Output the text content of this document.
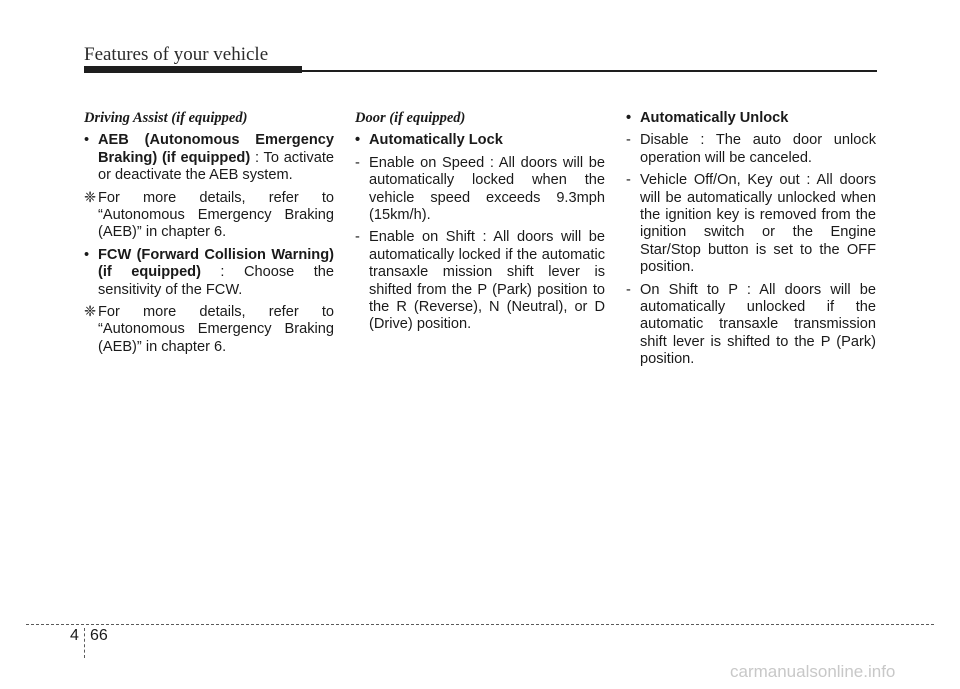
Features of your vehicle
Driving Assist (if equipped)
• AEB (Autonomous Emergency Braking) (if equipped) : To activate or deactivate the AEB system.
❈ For more details, refer to “Autonomous Emergency Braking (AEB)” in chapter 6.
• FCW (Forward Collision Warning) (if equipped) : Choose the sensitivity of the FCW.
❈ For more details, refer to “Autonomous Emergency Braking (AEB)” in chapter 6.
Door (if equipped)
• Automatically Lock
- Enable on Speed : All doors will be automatically locked when the vehicle speed exceeds 9.3mph (15km/h).
- Enable on Shift : All doors will be automatically locked if the automatic transaxle mission shift lever is shifted from the P (Park) position to the R (Reverse), N (Neutral), or D (Drive) position.
• Automatically Unlock
- Disable : The auto door unlock operation will be canceled.
- Vehicle Off/On, Key out : All doors will be automatically unlocked when the ignition key is removed from the ignition switch or the Engine Star/Stop button is set to the OFF position.
- On Shift to P : All doors will be automatically unlocked if the automatic transaxle transmission shift lever is shifted to the P (Park) position.
4 66
carmanualsonline.info
